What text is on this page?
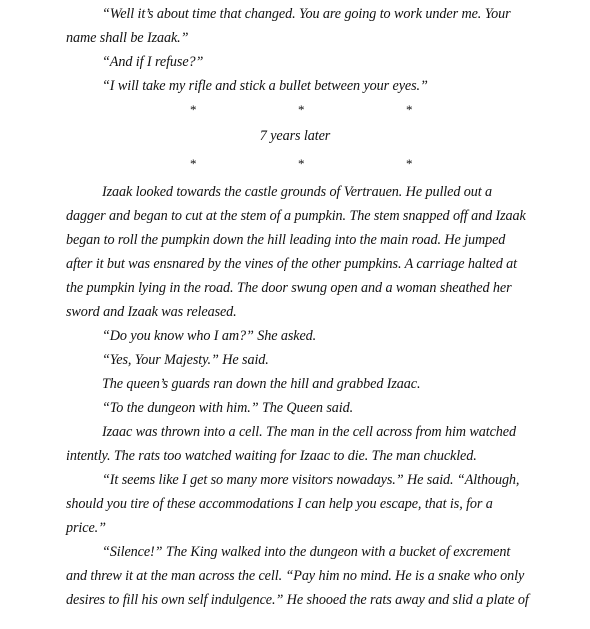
“Well it’s about time that changed. You are going to work under me. Your
name shall be Izaak.”
“And if I refuse?”
“I will take my rifle and stick a bullet between your eyes.”
*	*	*
7 years later
*	*	*
Izaak looked towards the castle grounds of Vertrauen. He pulled out a
dagger and began to cut at the stem of a pumpkin. The stem snapped off and Izaak
began to roll the pumpkin down the hill leading into the main road. He jumped
after it but was ensnared by the vines of the other pumpkins. A carriage halted at
the pumpkin lying in the road. The door swung open and a woman sheathed her
sword and Izaak was released.
“Do you know who I am?” She asked.
“Yes, Your Majesty.” He said.
The queen’s guards ran down the hill and grabbed Izaac.
“To the dungeon with him.” The Queen said.
Izaac was thrown into a cell. The man in the cell across from him watched
intently. The rats too watched waiting for Izaac to die. The man chuckled.
“It seems like I get so many more visitors nowadays.” He said. “Although,
should you tire of these accommodations I can help you escape, that is, for a
price.”
“Silence!” The King walked into the dungeon with a bucket of excrement
and threw it at the man across the cell. “Pay him no mind. He is a snake who only
desires to fill his own self indulgence.” He shooed the rats away and slid a plate of
